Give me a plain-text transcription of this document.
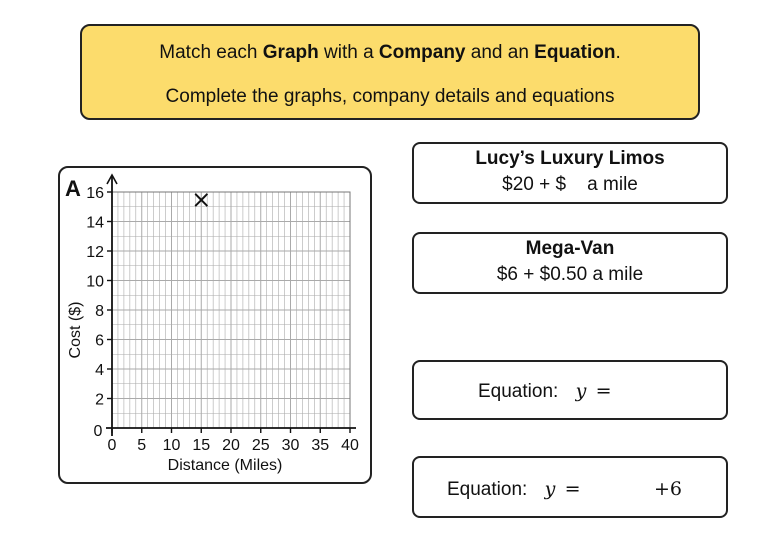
Match each Graph with a Company and an Equation.
Complete the graphs, company details and equations
2
4
6
8
10
12
14
16
0 5 10 15 20 25 30 35 40
0
Distance (Miles)
Cost ($)
A	×
Lucy’s Luxury Limos
$20 + $    a mile
Mega-Van
$6 + $0.50 a mile
Equation: y =
Equation: y =	+6
